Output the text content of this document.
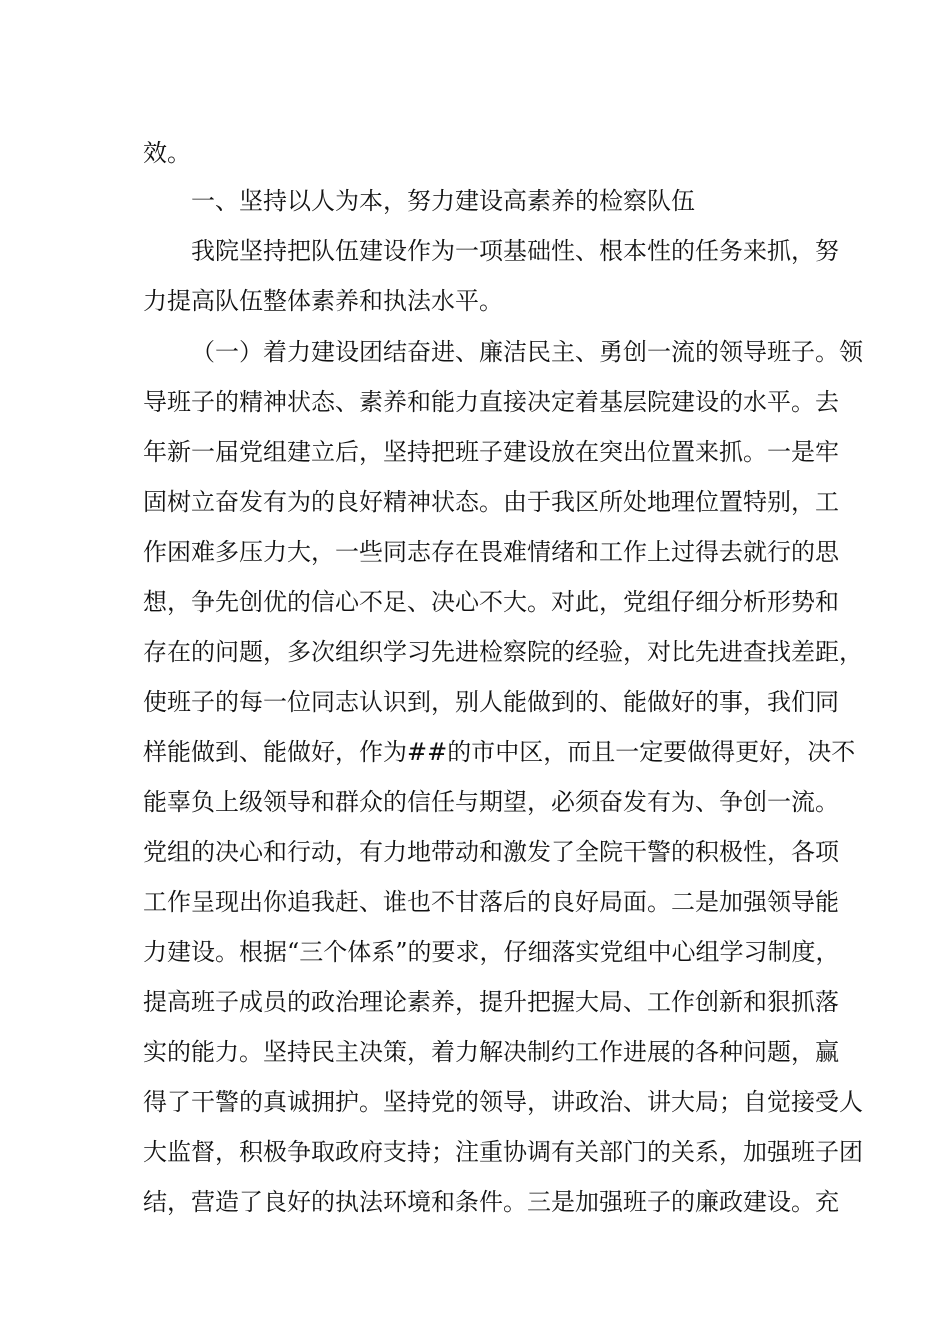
效。
一、坚持以人为本，努力建设高素养的检察队伍
我院坚持把队伍建设作为一项基础性、根本性的任务来抓，努
力提高队伍整体素养和执法水平。
（一）着力建设团结奋进、廉洁民主、勇创一流的领导班子。领
导班子的精神状态、素养和能力直接决定着基层院建设的水平。去
年新一届党组建立后，坚持把班子建设放在突出位置来抓。一是牢
固树立奋发有为的良好精神状态。由于我区所处地理位置特别，工
作困难多压力大，一些同志存在畏难情绪和工作上过得去就行的思
想，争先创优的信心不足、决心不大。对此，党组仔细分析形势和
存在的问题，多次组织学习先进检察院的经验，对比先进查找差距，
使班子的每一位同志认识到，别人能做到的、能做好的事，我们同
样能做到、能做好，作为##的市中区，而且一定要做得更好，决不
能辜负上级领导和群众的信任与期望，必须奋发有为、争创一流。
党组的决心和行动，有力地带动和激发了全院干警的积极性，各项
工作呈现出你追我赶、谁也不甘落后的良好局面。二是加强领导能
力建设。根据“三个体系”的要求，仔细落实党组中心组学习制度，
提高班子成员的政治理论素养，提升把握大局、工作创新和狠抓落
实的能力。坚持民主决策，着力解决制约工作进展的各种问题，赢
得了干警的真诚拥护。坚持党的领导，讲政治、讲大局；自觉接受人
大监督，积极争取政府支持；注重协调有关部门的关系，加强班子团
结，营造了良好的执法环境和条件。三是加强班子的廉政建设。充
